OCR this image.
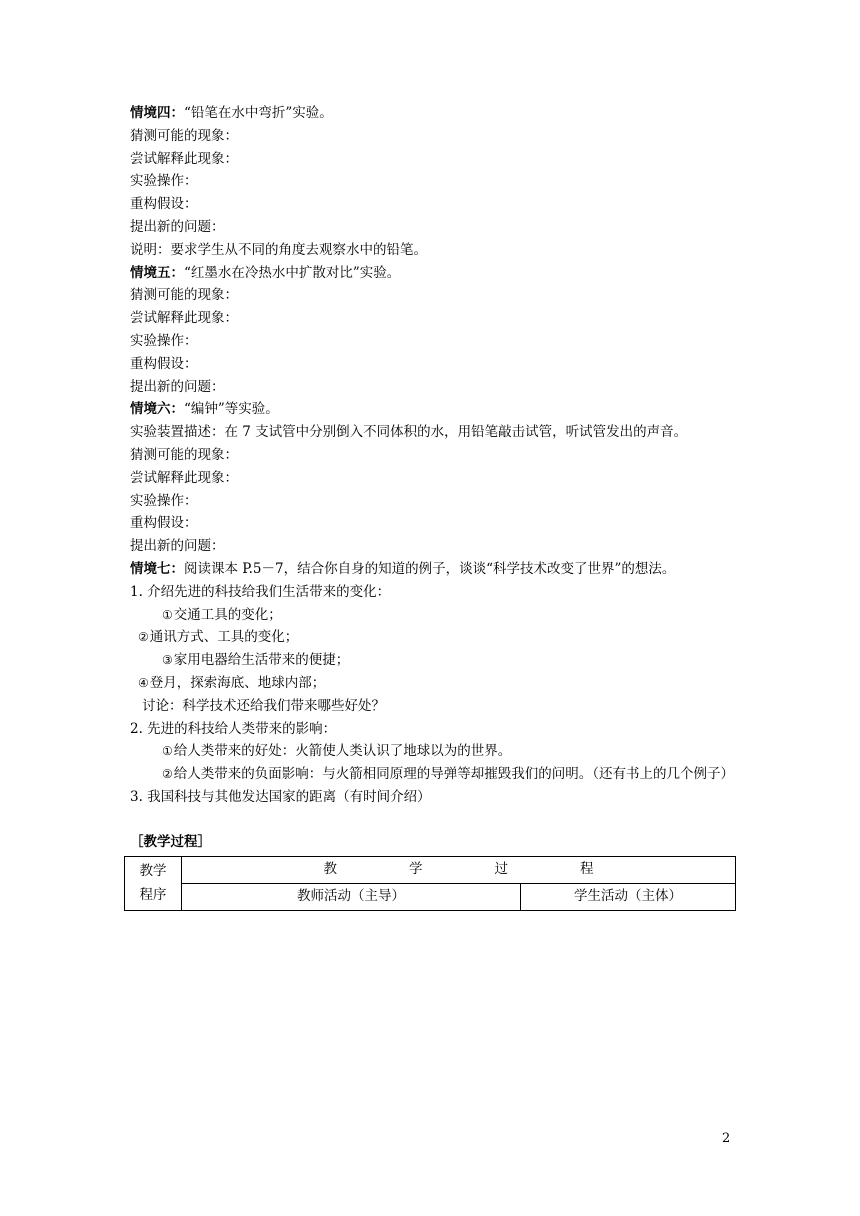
情境四：“铅笔在水中弯折”实验。
猜测可能的现象：
尝试解释此现象：
实验操作：
重构假设：
提出新的问题：
说明：要求学生从不同的角度去观察水中的铅笔。
情境五：“红墨水在冷热水中扩散对比”实验。
猜测可能的现象：
尝试解释此现象：
实验操作：
重构假设：
提出新的问题：
情境六：“编钟”等实验。
实验装置描述：在 7 支试管中分别倒入不同体积的水，用铅笔敲击试管，听试管发出的声音。
猜测可能的现象：
尝试解释此现象：
实验操作：
重构假设：
提出新的问题：
情境七：阅读课本 P.5－7，结合你自身的知道的例子，谈谈“科学技术改变了世界”的想法。
1. 介绍先进的科技给我们生活带来的变化：
①交通工具的变化；
②通讯方式、工具的变化；
③家用电器给生活带来的便捷；
④登月，探索海底、地球内部；
讨论：科学技术还给我们带来哪些好处？
2. 先进的科技给人类带来的影响：
①给人类带来的好处：火箭使人类认识了地球以为的世界。
②给人类带来的负面影响：与火箭相同原理的导弹等却摧毁我们的问明。（还有书上的几个例子）
3. 我国科技与其他发达国家的距离（有时间介绍）
［教学过程］
教学
程序	教学过程	
	教师活动（主导）	学生活动（主体）
2
